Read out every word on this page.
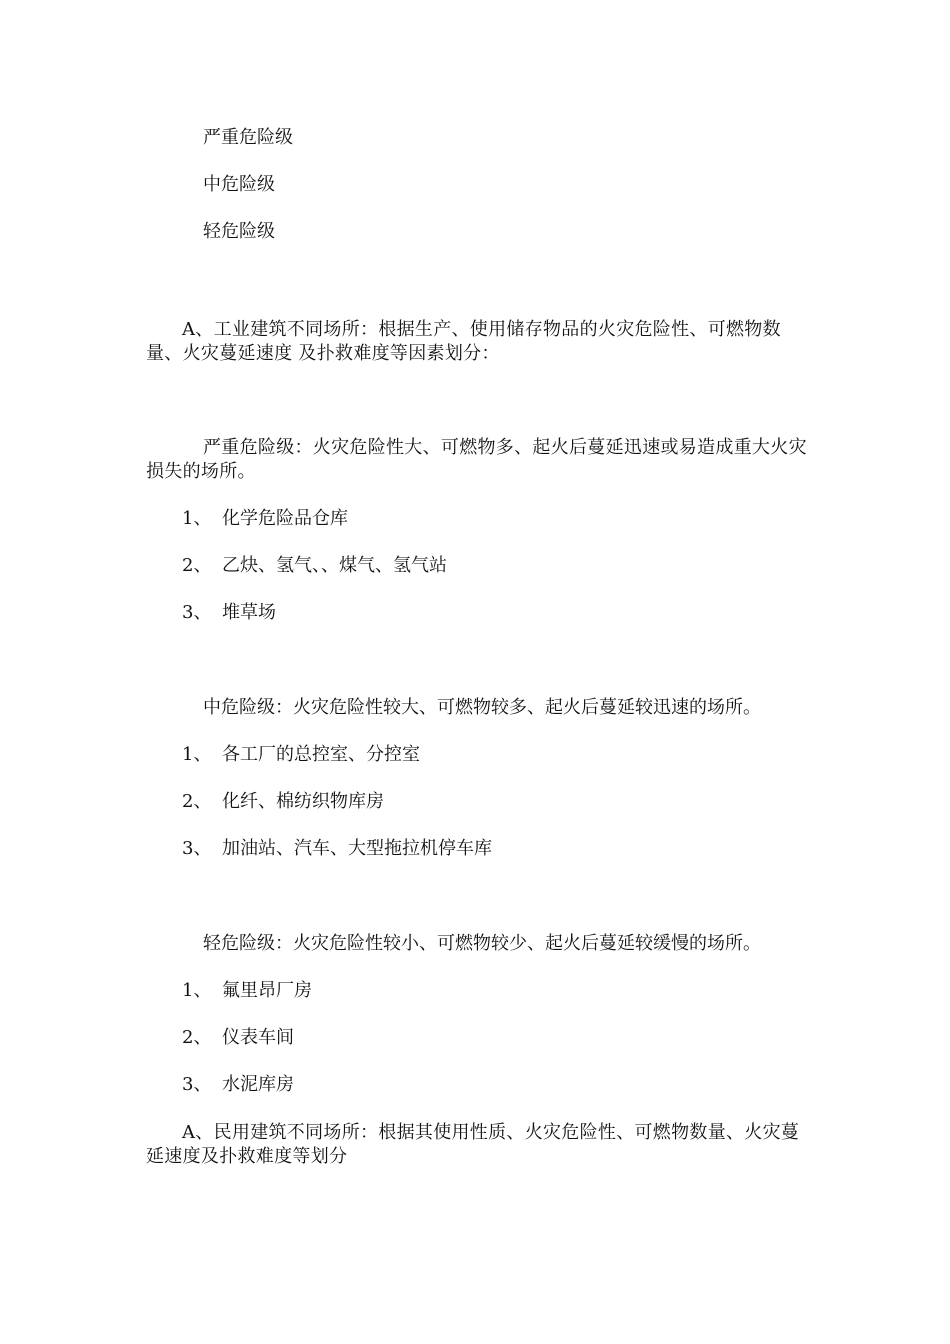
严重危险级
中危险级
轻危险级
A、工业建筑不同场所：根据生产、使用储存物品的火灾危险性、可燃物数量、火灾蔓延速度 及扑救难度等因素划分：
严重危险级：火灾危险性大、可燃物多、起火后蔓延迅速或易造成重大火灾损失的场所。
1、 化学危险品仓库
2、 乙炔、氢气、、煤气、氢气站
3、 堆草场
中危险级：火灾危险性较大、可燃物较多、起火后蔓延较迅速的场所。
1、 各工厂的总控室、分控室
2、 化纤、棉纺织物库房
3、 加油站、汽车、大型拖拉机停车库
轻危险级：火灾危险性较小、可燃物较少、起火后蔓延较缓慢的场所。
1、 氟里昂厂房
2、 仪表车间
3、 水泥库房
A、民用建筑不同场所：根据其使用性质、火灾危险性、可燃物数量、火灾蔓延速度及扑救难度等划分
